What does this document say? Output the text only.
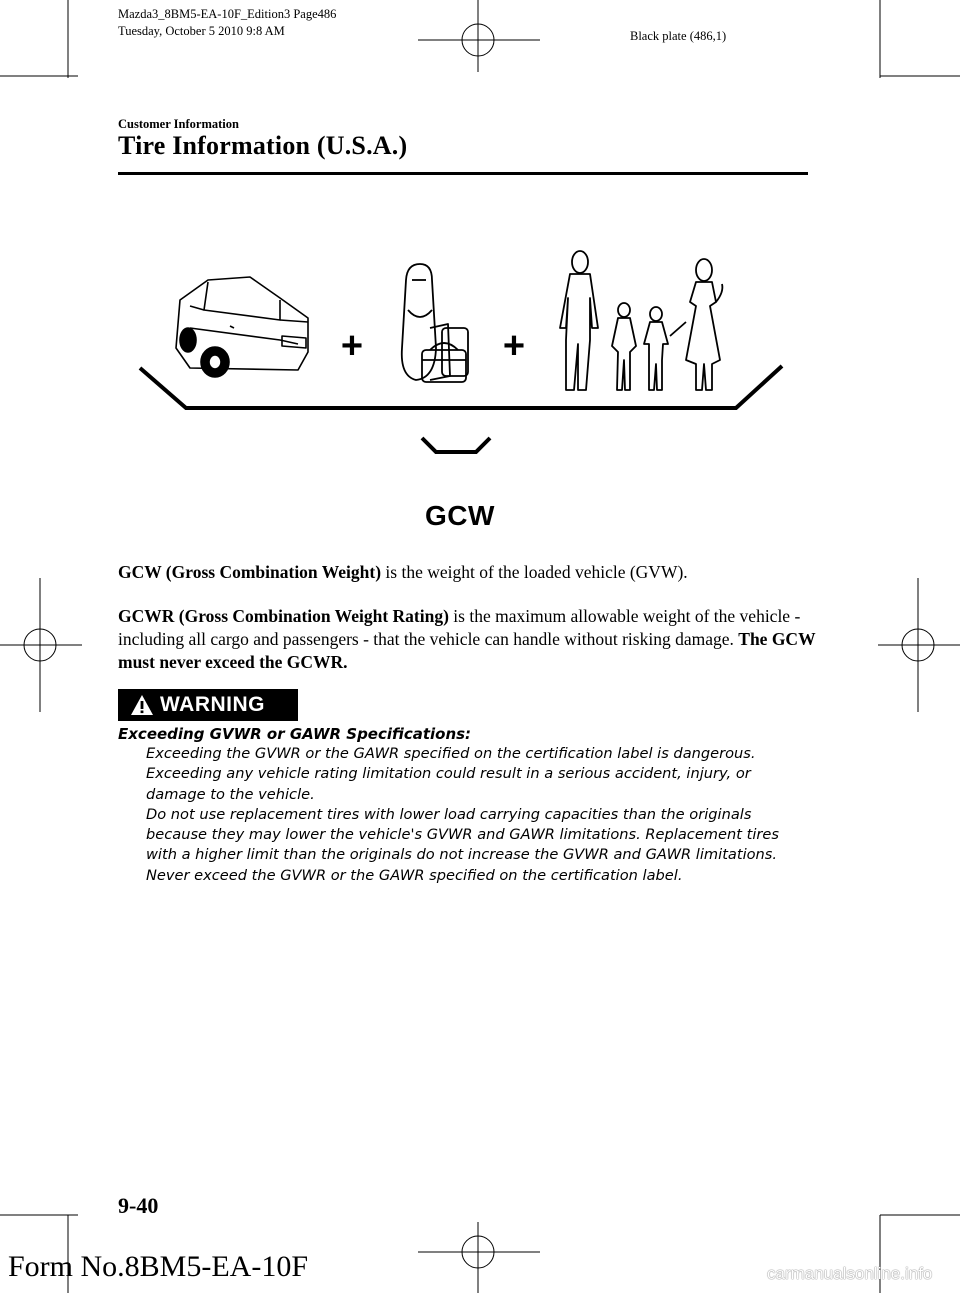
Mazda3_8BM5-EA-10F_Edition3 Page486
Tuesday, October 5 2010 9:8 AM	Black plate (486,1)
Customer Information
Tire Information (U.S.A.)
+	+
GCW
GCW (Gross Combination Weight) is the weight of the loaded vehicle (GVW).
GCWR (Gross Combination Weight Rating) is the maximum allowable weight of the vehicle - including all cargo and passengers - that the vehicle can handle without risking damage. The GCW must never exceed the GCWR.
WARNING
Exceeding GVWR or GAWR Specifications:

Exceeding the GVWR or the GAWR specified on the certification label is dangerous. Exceeding any vehicle rating limitation could result in a serious accident, injury, or damage to the vehicle.

Do not use replacement tires with lower load carrying capacities than the originals because they may lower the vehicle's GVWR and GAWR limitations. Replacement tires with a higher limit than the originals do not increase the GVWR and GAWR limitations.

Never exceed the GVWR or the GAWR specified on the certification label.

9-40
Form No.8BM5-EA-10F	carmanualsonline.info
